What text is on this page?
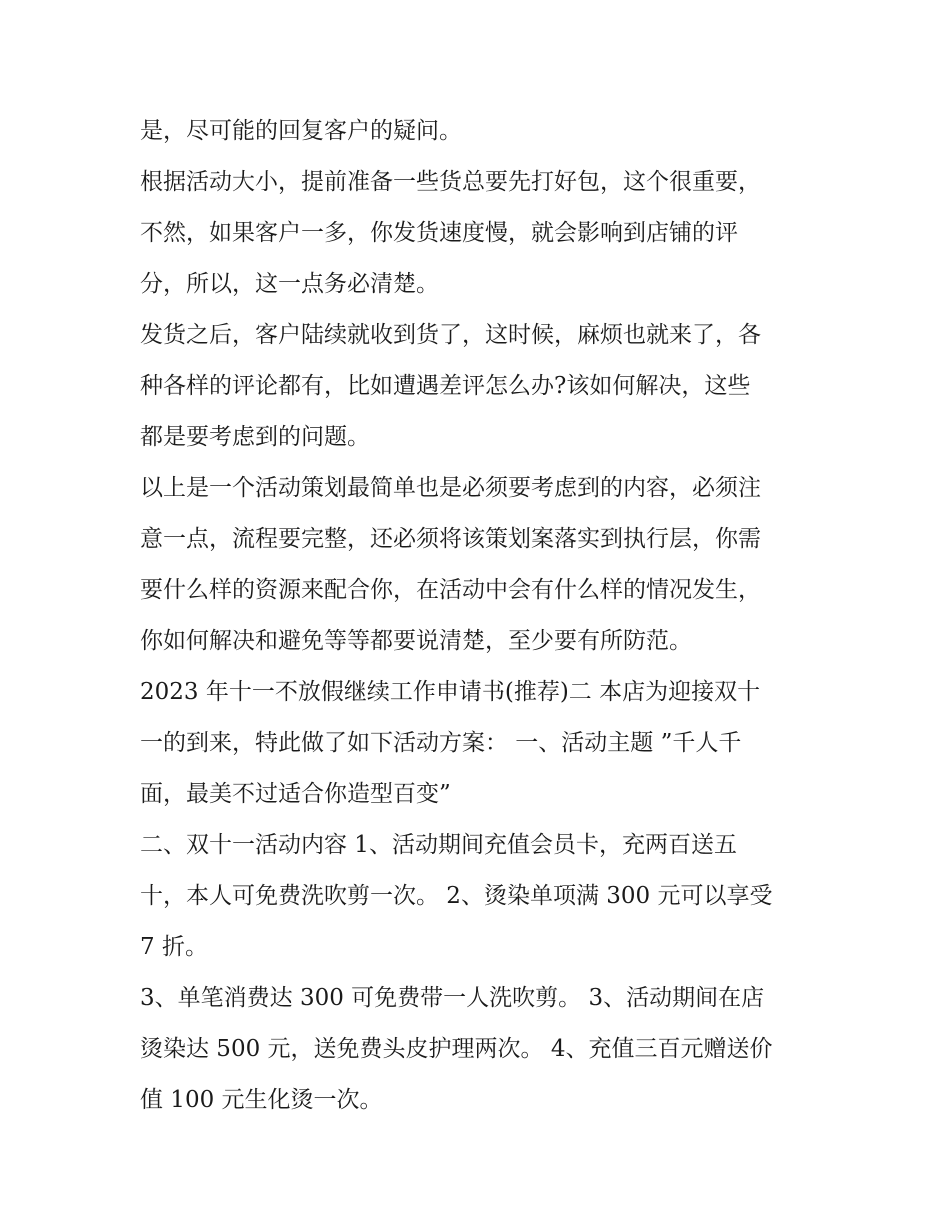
是，尽可能的回复客户的疑问。

根据活动大小，提前准备一些货总要先打好包，这个很重要，
不然，如果客户一多，你发货速度慢，就会影响到店铺的评
分，所以，这一点务必清楚。

发货之后，客户陆续就收到货了，这时候，麻烦也就来了，各
种各样的评论都有，比如遭遇差评怎么办?该如何解决，这些
都是要考虑到的问题。

以上是一个活动策划最简单也是必须要考虑到的内容，必须注
意一点，流程要完整，还必须将该策划案落实到执行层，你需
要什么样的资源来配合你，在活动中会有什么样的情况发生，
你如何解决和避免等等都要说清楚，至少要有所防范。

2023 年十一不放假继续工作申请书(推荐)二 本店为迎接双十
一的到来，特此做了如下活动方案： 一、活动主题 ”千人千
面，最美不过适合你造型百变”

二、双十一活动内容 1、活动期间充值会员卡，充两百送五
十，本人可免费洗吹剪一次。 2、烫染单项满 300 元可以享受
7 折。

3、单笔消费达 300 可免费带一人洗吹剪。 3、活动期间在店
烫染达 500 元，送免费头皮护理两次。 4、充值三百元赠送价
值 100 元生化烫一次。
